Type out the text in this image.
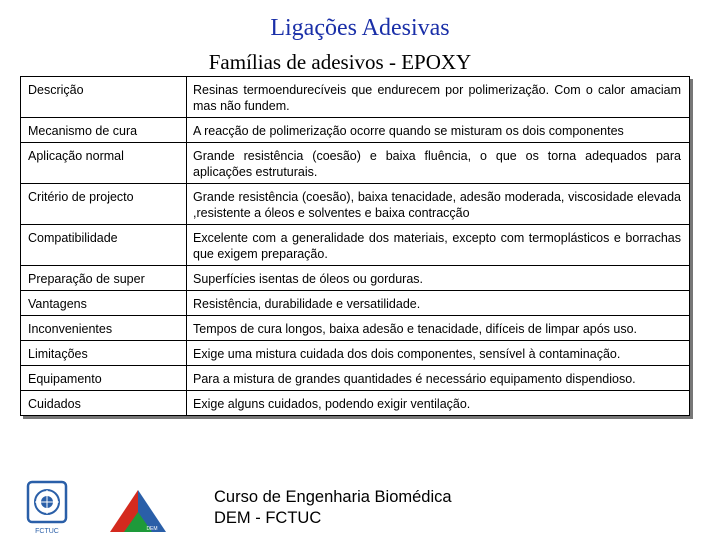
Ligações Adesivas
Famílias de adesivos - EPOXY
Descrição	Resinas termoendurecíveis que endurecem por polimerização. Com o calor amaciam mas não fundem.
Mecanismo de cura	A reacção de polimerização ocorre quando se misturam os dois componentes
Aplicação normal	Grande resistência (coesão) e baixa fluência, o que os torna adequados para aplicações estruturais.
Critério de projecto	Grande resistência (coesão), baixa tenacidade, adesão moderada, viscosidade elevada ,resistente a óleos e solventes e baixa contracção
Compatibilidade	Excelente com a generalidade dos materiais, excepto com termoplásticos e borrachas que exigem preparação.
Preparação de super	Superfícies isentas de óleos ou gorduras.
Vantagens	Resistência, durabilidade e versatilidade.
Inconvenientes	Tempos de cura longos, baixa adesão e tenacidade, difíceis de limpar após uso.
Limitações	Exige uma mistura cuidada dos dois componentes, sensível à contaminação.
Equipamento	Para a mistura de grandes quantidades é necessário equipamento dispendioso.
Cuidados	Exige alguns cuidados, podendo exigir ventilação.
FCTUC	DEM
Curso de Engenharia Biomédica
DEM - FCTUC
